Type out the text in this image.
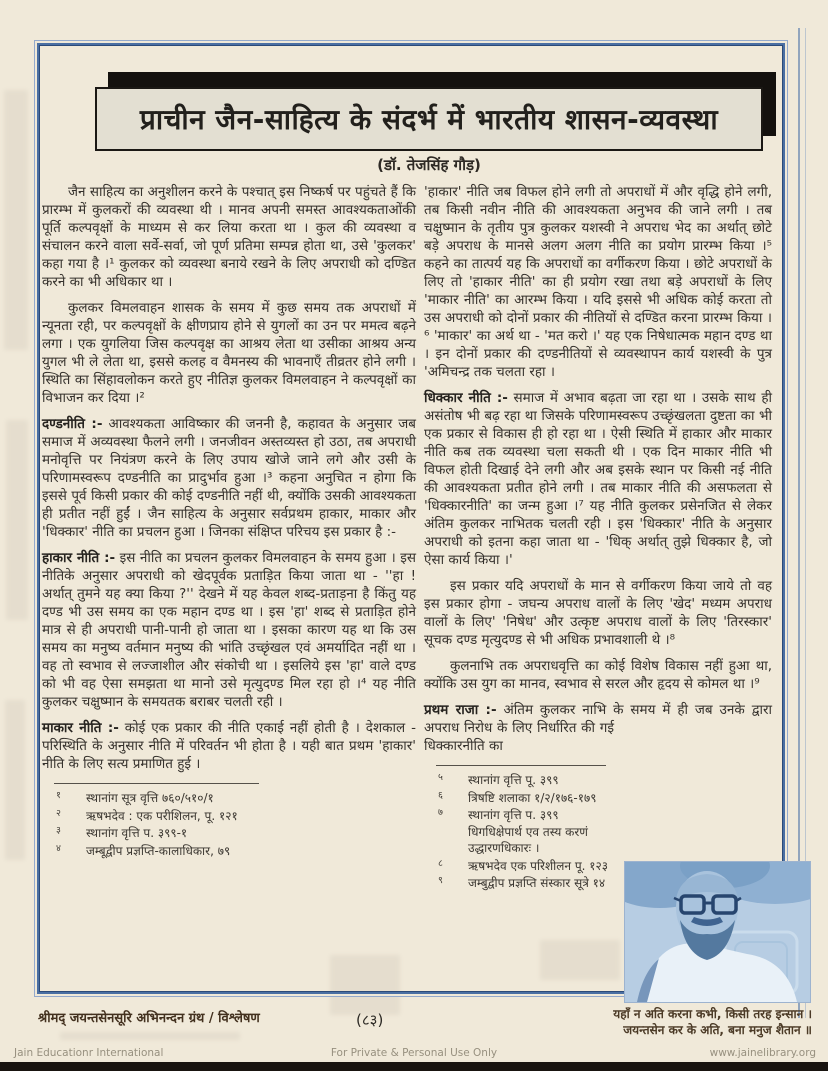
प्राचीन जैन-साहित्य के संदर्भ में भारतीय शासन-व्यवस्था
(डॉ. तेजसिंह गौड़)

जैन साहित्य का अनुशीलन करने के पश्चात् इस निष्कर्ष पर पहुंचते हैं कि प्रारम्भ में कुलकरों की व्यवस्था थी । मानव अपनी समस्त आवश्यकताओंकी पूर्ति कल्पवृक्षों के माध्यम से कर लिया करता था । कुल की व्यवस्था व संचालन करने वाला सर्वे-सर्वा, जो पूर्ण प्रतिमा सम्पन्न होता था, उसे 'कुलकर' कहा गया है ।¹ कुलकर को व्यवस्था बनाये रखने के लिए अपराधी को दण्डित करने का भी अधिकार था ।

कुलकर विमलवाहन शासक के समय में कुछ समय तक अपराधों में न्यूनता रही, पर कल्पवृक्षों के क्षीणप्राय होने से युगलों का उन पर ममत्व बढ़ने लगा । एक युगलिया जिस कल्पवृक्ष का आश्रय लेता था उसीका आश्रय अन्य युगल भी ले लेता था, इससे कलह व वैमनस्य की भावनाएँ तीव्रतर होने लगी । स्थिति का सिंहावलोकन करते हुए नीतिज्ञ कुलकर विमलवाहन ने कल्पवृक्षों का विभाजन कर दिया ।²

दण्डनीति :- आवश्यकता आविष्कार की जननी है, कहावत के अनुसार जब समाज में अव्यवस्था फैलने लगी । जनजीवन अस्तव्यस्त हो उठा, तब अपराधी मनोवृत्ति पर नियंत्रण करने के लिए उपाय खोजे जाने लगे और उसी के परिणामस्वरूप दण्डनीति का प्रादुर्भाव हुआ ।³ कहना अनुचित न होगा कि इससे पूर्व किसी प्रकार की कोई दण्डनीति नहीं थी, क्योंकि उसकी आवश्यकता ही प्रतीत नहीं हुईं । जैन साहित्य के अनुसार सर्वप्रथम हाकार, माकार और 'धिक्कार' नीति का प्रचलन हुआ । जिनका संक्षिप्त परिचय इस प्रकार है :-

हाकार नीति :- इस नीति का प्रचलन कुलकर विमलवाहन के समय हुआ । इस नीतिके अनुसार अपराधी को खेदपूर्वक प्रताड़ित किया जाता था - ''हा ! अर्थात् तुमने यह क्या किया ?'' देखने में यह केवल शब्द-प्रताड़ना है किंतु यह दण्ड भी उस समय का एक महान दण्ड था । इस 'हा' शब्द से प्रताड़ित होने मात्र से ही अपराधी पानी-पानी हो जाता था । इसका कारण यह था कि उस समय का मनुष्य वर्तमान मनुष्य की भांति उच्छृंखल एवं अमर्यादित नहीं था । वह तो स्वभाव से लज्जाशील और संकोची था । इसलिये इस 'हा' वाले दण्ड को भी वह ऐसा समझता था मानो उसे मृत्युदण्ड मिल रहा हो ।⁴ यह नीति कुलकर चक्षुष्मान के समयतक बराबर चलती रही ।

माकार नीति :- कोई एक प्रकार की नीति एकाई नहीं होती है । देशकाल - परिस्थिति के अनुसार नीति में परिवर्तन भी होता है । यही बात प्रथम 'हाकार' नीति के लिए सत्य प्रमाणित हुई ।

१	स्थानांग सूत्र वृत्ति ७६०/५१०/१
२	ऋषभदेव : एक परीशिलन, पू. १२१
३	स्थानांग वृत्ति प. ३९९-१
४	जम्बूद्वीप प्रज्ञप्ति-कालाधिकार, ७९

'हाकार' नीति जब विफल होने लगी तो अपराधों में और वृद्धि होने लगी, तब किसी नवीन नीति की आवश्यकता अनुभव की जाने लगी । तब चक्षुष्मान के तृतीय पुत्र कुलकर यशस्वी ने अपराध भेद का अर्थात् छोटे बड़े अपराध के मानसे अलग अलग नीति का प्रयोग प्रारम्भ किया ।⁵ कहने का तात्पर्य यह कि अपराधों का वर्गीकरण किया । छोटे अपराधों के लिए तो 'हाकार नीति' का ही प्रयोग रखा तथा बड़े अपराधों के लिए 'माकार नीति' का आरम्भ किया । यदि इससे भी अधिक कोई करता तो उस अपराधी को दोनों प्रकार की नीतियों से दण्डित करना प्रारम्भ किया ।⁶ 'माकार' का अर्थ था - 'मत करो ।' यह एक निषेधात्मक महान दण्ड था । इन दोनों प्रकार की दण्डनीतियों से व्यवस्थापन कार्य यशस्वी के पुत्र 'अमिचन्द्र तक चलता रहा ।

धिक्कार नीति :- समाज में अभाव बढ़ता जा रहा था । उसके साथ ही असंतोष भी बढ़ रहा था जिसके परिणामस्वरूप उच्छृंखलता दुष्टता का भी एक प्रकार से विकास ही हो रहा था । ऐसी स्थिति में हाकार और माकार नीति कब तक व्यवस्था चला सकती थी । एक दिन माकार नीति भी विफल होती दिखाई देने लगी और अब इसके स्थान पर किसी नई नीति की आवश्यकता प्रतीत होने लगी । तब माकार नीति की असफलता से 'धिक्कारनीति' का जन्म हुआ ।⁷ यह नीति कुलकर प्रसेनजित से लेकर अंतिम कुलकर नाभितक चलती रही । इस 'धिक्कार' नीति के अनुसार अपराधी को इतना कहा जाता था - 'धिक् अर्थात् तुझे धिक्कार है, जो ऐसा कार्य किया ।'

इस प्रकार यदि अपराधों के मान से वर्गीकरण किया जाये तो वह इस प्रकार होगा - जघन्य अपराध वालों के लिए 'खेद' मध्यम अपराध वालों के लिए' 'निषेध' और उत्कृष्ट अपराध वालों के लिए 'तिरस्कार' सूचक दण्ड मृत्युदण्ड से भी अधिक प्रभावशाली थे ।⁸

कुलनाभि तक अपराधवृत्ति का कोई विशेष विकास नहीं हुआ था, क्योंकि उस युग का मानव, स्वभाव से सरल और हृदय से कोमल था ।⁹

प्रथम राजा :- अंतिम कुलकर नाभि के समय में ही जब उनके द्वारा अपराध निरोध के लिए निर्धारित की गई धिक्कारनीति का

५	स्थानांग वृत्ति पू. ३९९
६	त्रिषष्टि शलाका १/२/१७६-१७९
७	स्थानांग वृत्ति प. ३९९ धिगधिक्षेपार्थ एव तस्य करणं उद्धारणधिकारः ।
८	ऋषभदेव एक परिशीलन पू. १२३
९	जम्बुद्वीप प्रज्ञप्ति संस्कार सूत्रे १४
श्रीमद् जयन्तसेनसूरि अभिनन्दन ग्रंथ / विश्लेषण	(८३)	यहाँ न अति करना कभी, किसी तरह इन्सान ।
जयन्तसेन कर के अति, बना मनुज शैतान ॥
Jain Educationr International	For Private & Personal Use Only	www.jainelibrary.org
